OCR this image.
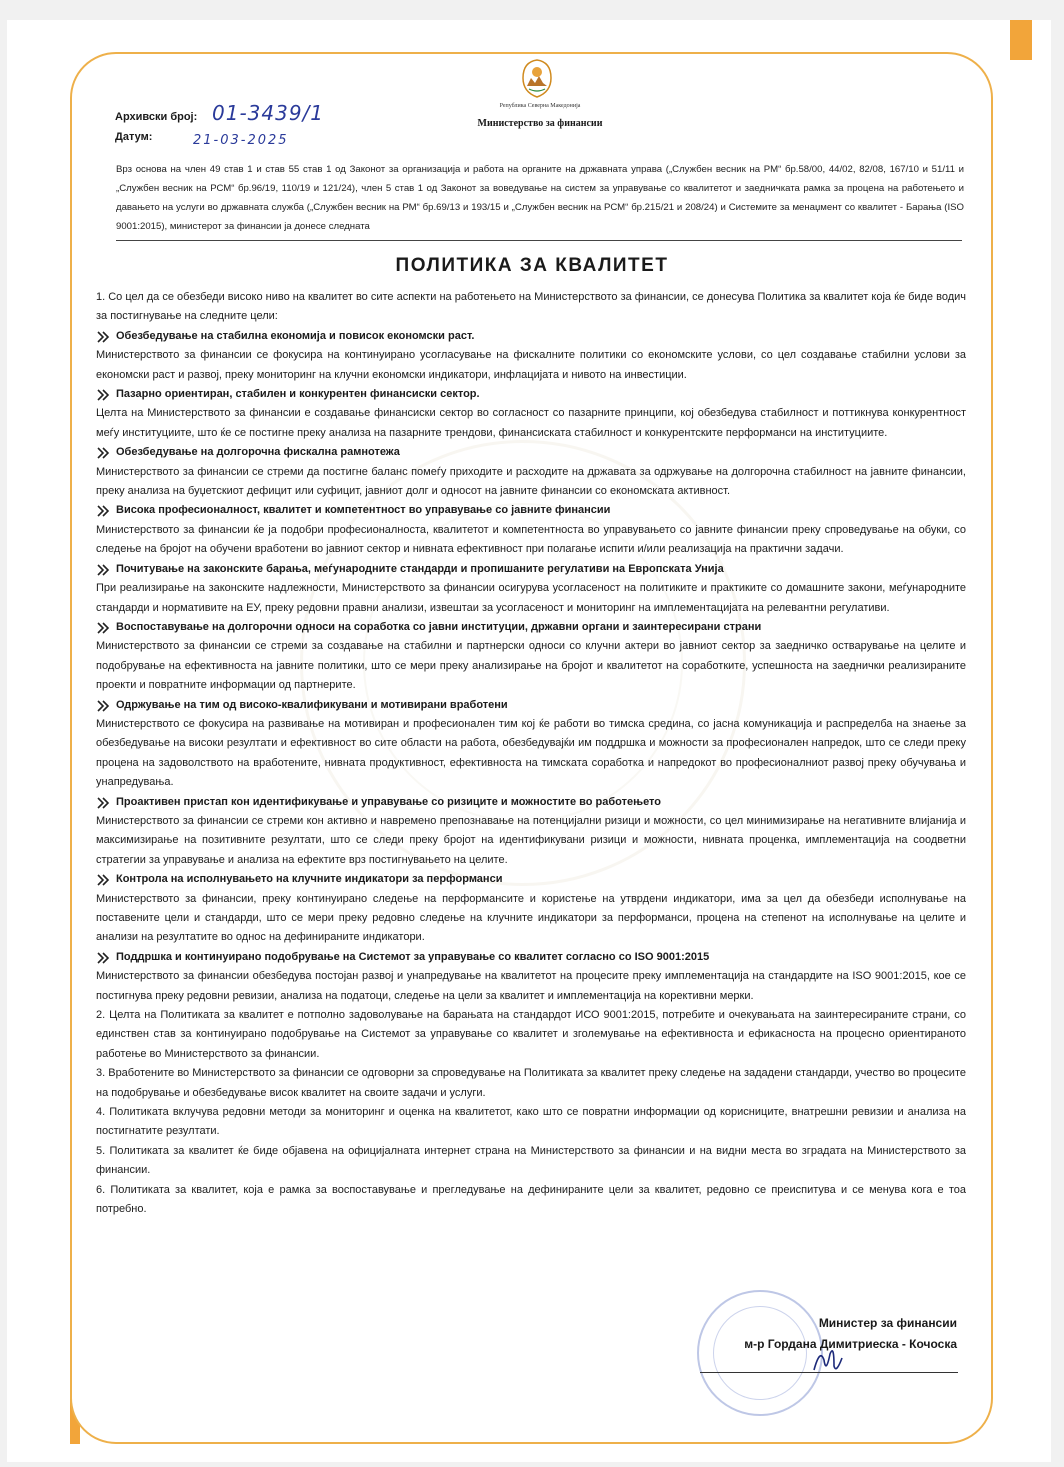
Република Северна Македонија
Министерство за финансии
Архивски број: 01-3439/1
Датум:	21-03-2025
Врз основа на член 49 став 1 и став 55 став 1 од Законот за организација и работа на органите на државната управа („Службен весник на РМ“ бр.58/00, 44/02, 82/08, 167/10 и 51/11 и „Службен весник на РСМ“ бр.96/19, 110/19 и 121/24), член 5 став 1 од Законот за воведување на систем за управување со квалитетот и заедничката рамка за процена на работењето и давањето на услуги во државната служба („Службен весник на РМ“ бр.69/13 и 193/15 и „Службен весник на РСМ“ бр.215/21 и 208/24) и Системите за менаџмент со квалитет - Барања (ISO 9001:2015), министерот за финансии ја донесе следната
ПОЛИТИКА ЗА КВАЛИТЕТ

1. Со цел да се обезбеди високо ниво на квалитет во сите аспекти на работењето на Министерството за финансии, се донесува Политика за квалитет која ќе биде водич за постигнување на следните цели:

Обезбедување на стабилна економија и повисок економски раст.

Министерството за финансии се фокусира на континуирано усогласување на фискалните политики со економските услови, со цел создавање стабилни услови за економски раст и развој, преку мониторинг на клучни економски индикатори, инфлацијата и нивото на инвестиции.

Пазарно ориентиран, стабилен и конкурентен финансиски сектор.

Целта на Министерството за финансии е создавање финансиски сектор во согласност со пазарните принципи, кој обезбедува стабилност и поттикнува конкурентност меѓу институциите, што ќе се постигне преку анализа на пазарните трендови, финансиската стабилност и конкурентските перформанси на институциите.

Обезбедување на долгорочна фискална рамнотежа

Министерството за финансии се стреми да постигне баланс помеѓу приходите и расходите на државата за одржување на долгорочна стабилност на јавните финансии, преку анализа на буџетскиот дефицит или суфицит, јавниот долг и односот на јавните финансии со економската активност.

Висока професионалност, квалитет и компетентност во управување со јавните финансии

Министерството за финансии ќе ја подобри професионалноста, квалитетот и компетентноста во управувањето со јавните финансии преку спроведување на обуки, со следење на бројот на обучени вработени во јавниот сектор и нивната ефективност при полагање испити и/или реализација на практични задачи.

Почитување на законските барања, меѓународните стандарди и пропишаните регулативи на Европската Унија

При реализирање на законските надлежности, Министерството за финансии осигурува усогласеност на политиките и практиките со домашните закони, меѓународните стандарди и нормативите на ЕУ, преку редовни правни анализи, извештаи за усогласеност и мониторинг на имплементацијата на релевантни регулативи.

Воспоставување на долгорочни односи на соработка со јавни институции, државни органи и заинтересирани страни

Министерството за финансии се стреми за создавање на стабилни и партнерски односи со клучни актери во јавниот сектор за заедничко остварување на целите и подобрување на ефективноста на јавните политики, што се мери преку анализирање на бројот и квалитетот на соработките, успешноста на заеднички реализираните проекти и повратните информации од партнерите.

Одржување на тим од високо-квалификувани и мотивирани вработени

Министерството се фокусира на развивање на мотивиран и професионален тим кој ќе работи во тимска средина, со јасна комуникација и распределба на знаење за обезбедување на високи резултати и ефективност во сите области на работа, обезбедувајќи им поддршка и можности за професионален напредок, што се следи преку процена на задоволството на вработените, нивната продуктивност, ефективноста на тимската соработка и напредокот во професионалниот развој преку обучувања и унапредувања.

Проактивен пристап кон идентификување и управување со ризиците и можностите во работењето

Министерството за финансии се стреми кон активно и навремено препознавање на потенцијални ризици и можности, со цел минимизирање на негативните влијанија и максимизирање на позитивните резултати, што се следи преку бројот на идентификувани ризици и можности, нивната проценка, имплементација на соодветни стратегии за управување и анализа на ефектите врз постигнувањето на целите.

Контрола на исполнувањето на клучните индикатори за перформанси

Министерството за финансии, преку континуирано следење на перформансите и користење на утврдени индикатори, има за цел да обезбеди исполнување на поставените цели и стандарди, што се мери преку редовно следење на клучните индикатори за перформанси, процена на степенот на исполнување на целите и анализи на резултатите во однос на дефинираните индикатори.

Поддршка и континуирано подобрување на Системот за управување со квалитет согласно со ISO 9001:2015

Министерството за финансии обезбедува постојан развој и унапредување на квалитетот на процесите преку имплементација на стандардите на ISO 9001:2015, кое се постигнува преку редовни ревизии, анализа на податоци, следење на цели за квалитет и имплементација на корективни мерки.

2. Целта на Политиката за квалитет е потполно задоволување на барањата на стандардот ИСО 9001:2015, потребите и очекувањата на заинтересираните страни, со единствен став за континуирано подобрување на Системот за управување со квалитет и зголемување на ефективноста и ефикасноста на процесно ориентираното работење во Министерството за финансии.

3. Вработените во Министерството за финансии се одговорни за спроведување на Политиката за квалитет преку следење на зададени стандарди, учество во процесите на подобрување и обезбедување висок квалитет на своите задачи и услуги.

4. Политиката вклучува редовни методи за мониторинг и оценка на квалитетот, како што се повратни информации од корисниците, внатрешни ревизии и анализа на постигнатите резултати.

5. Политиката за квалитет ќе биде објавена на официјалната интернет страна на Министерството за финансии и на видни места во зградата на Министерството за финансии.

6. Политиката за квалитет, која е рамка за воспоставување и прегледување на дефинираните цели за квалитет, редовно се преиспитува и се менува кога е тоа потребно.

Министер за финансии
м-р Гордана Димитриеска - Кочоска
